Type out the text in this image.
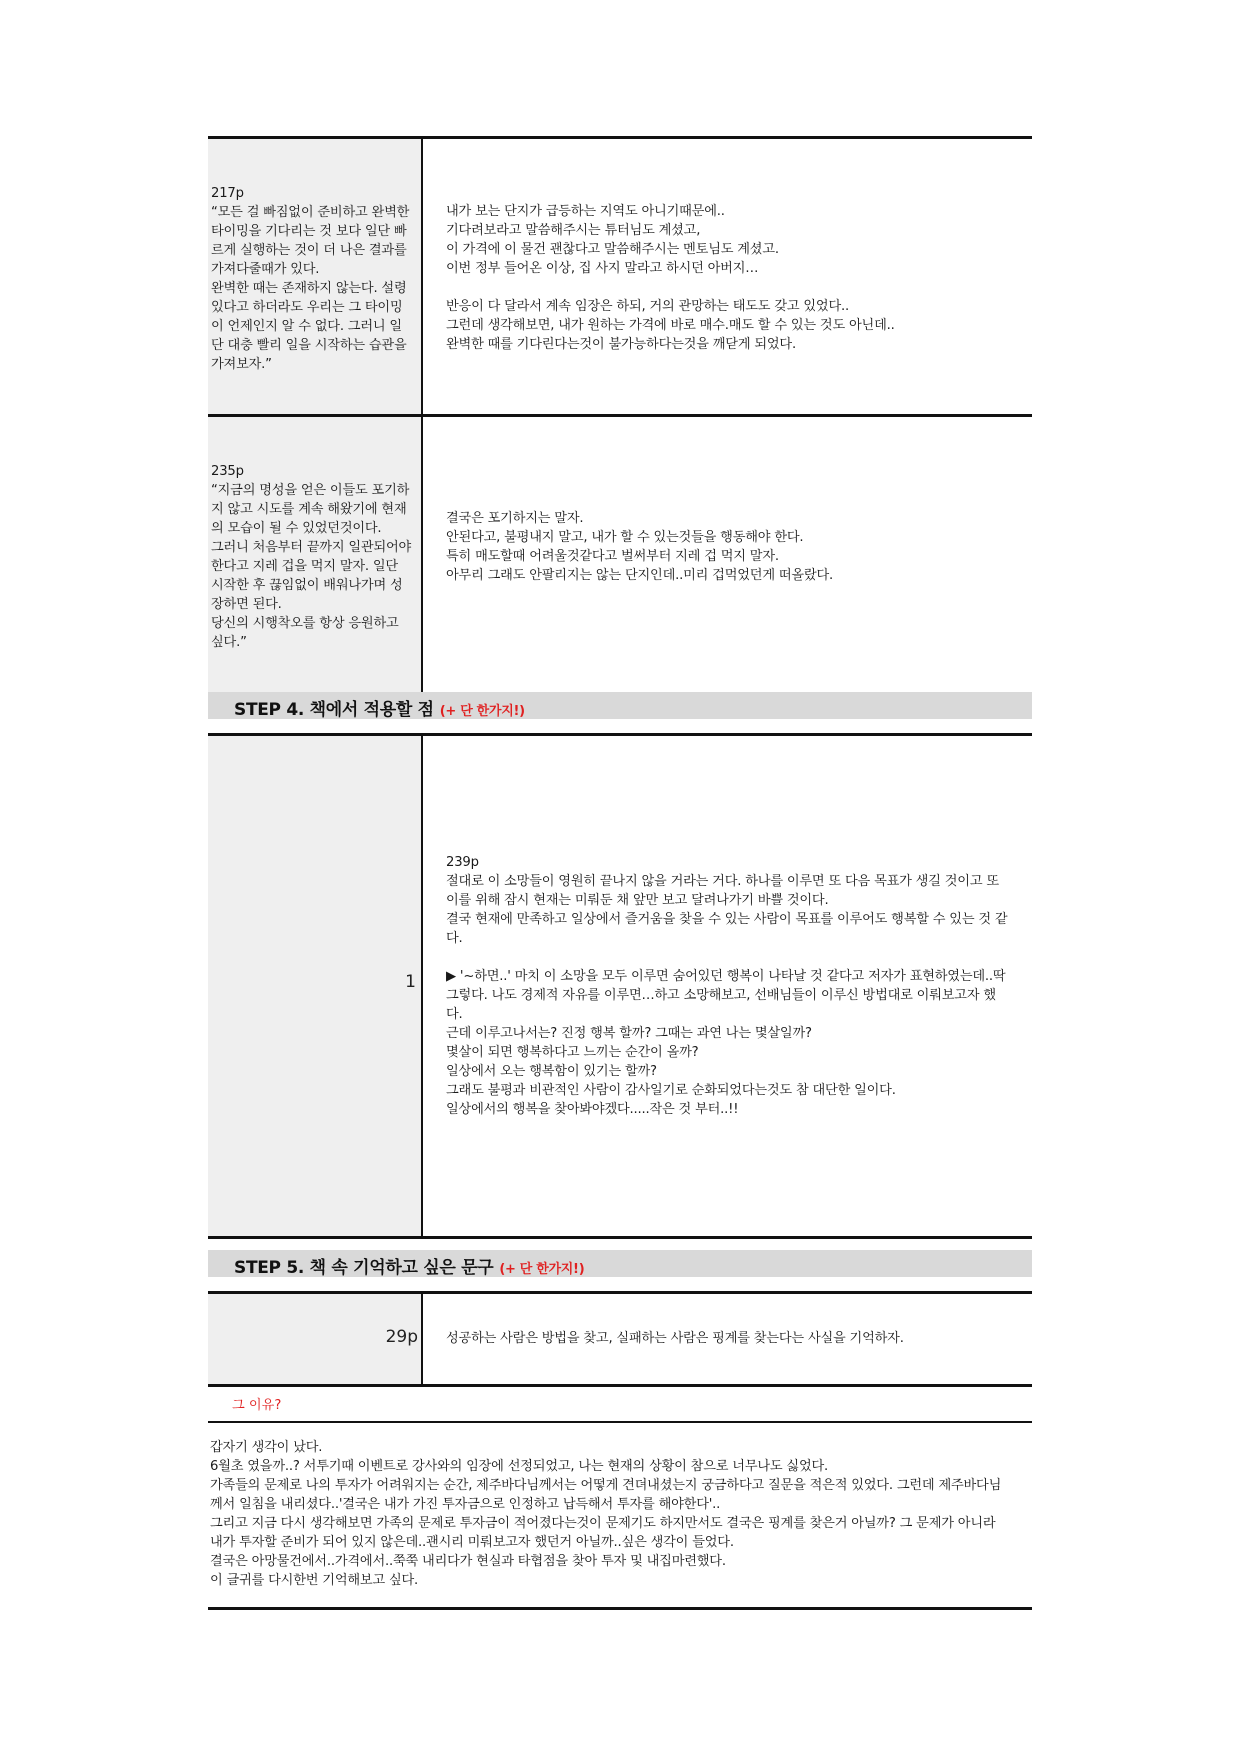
217p
“모든 걸 빠짐없이 준비하고 완벽한
타이밍을 기다리는 것 보다 일단 빠
르게 실행하는 것이 더 나은 결과를
가져다줄때가 있다.
완벽한 때는 존재하지 않는다. 설령
있다고 하더라도 우리는 그 타이밍
이 언제인지 알 수 없다. 그러니 일
단 대충 빨리 일을 시작하는 습관을
가져보자.”
내가 보는 단지가 급등하는 지역도 아니기때문에..
기다려보라고 말씀해주시는 튜터님도 계셨고,
이 가격에 이 물건 괜찮다고 말씀해주시는 멘토님도 계셨고.
이번 정부 들어온 이상, 집 사지 말라고 하시던 아버지…

반응이 다 달라서 계속 임장은 하되, 거의 관망하는 태도도 갖고 있었다..
그런데 생각해보면, 내가 원하는 가격에 바로 매수.매도 할 수 있는 것도 아닌데..
완벽한 때를 기다린다는것이 불가능하다는것을 깨닫게 되었다.
235p
“지금의 명성을 얻은 이들도 포기하
지 않고 시도를 계속 해왔기에 현재
의 모습이 될 수 있었던것이다.
그러니 처음부터 끝까지 일관되어야
한다고 지레 겁을 먹지 말자. 일단
시작한 후 끊임없이 배워나가며 성
장하면 된다.
당신의 시행착오를 항상 응원하고
싶다.”
결국은 포기하지는 말자.
안된다고, 불평내지 말고, 내가 할 수 있는것들을 행동해야 한다.
특히 매도할때 어려울것같다고 벌써부터 지레 겁 먹지 말자.
아무리 그래도 안팔리지는 않는 단지인데..미리 겁먹었던게 떠올랐다.
STEP 4. 책에서 적용할 점 (+ 단 한가지!)
1
239p
절대로 이 소망들이 영원히 끝나지 않을 거라는 거다. 하나를 이루면 또 다음 목표가 생길 것이고 또
이를 위해 잠시 현재는 미뤄둔 채 앞만 보고 달려나가기 바쁠 것이다.
결국 현재에 만족하고 일상에서 즐거움을 찾을 수 있는 사람이 목표를 이루어도 행복할 수 있는 것 같
다.

▶ '~하면..' 마치 이 소망을 모두 이루면 숨어있던 행복이 나타날 것 같다고 저자가 표현하였는데..딱
그렇다. 나도 경제적 자유를 이루면…하고 소망해보고, 선배님들이 이루신 방법대로 이뤄보고자 했
다.
근데 이루고나서는? 진정 행복 할까? 그때는 과연 나는 몇살일까?
몇살이 되면 행복하다고 느끼는 순간이 올까?
일상에서 오는 행복함이 있기는 할까?
그래도 불평과 비관적인 사람이 감사일기로 순화되었다는것도 참 대단한 일이다.
일상에서의 행복을 찾아봐야겠다.....작은 것 부터..!!
STEP 5. 책 속 기억하고 싶은 문구 (+ 단 한가지!)
29p 성공하는 사람은 방법을 찾고, 실패하는 사람은 핑계를 찾는다는 사실을 기억하자.
그 이유?
갑자기 생각이 났다.
6월초 였을까..? 서투기때 이벤트로 강사와의 임장에 선정되었고, 나는 현재의 상황이 참으로 너무나도 싫었다.
가족들의 문제로 나의 투자가 어려워지는 순간, 제주바다님께서는 어떻게 견뎌내셨는지 궁금하다고 질문을 적은적 있었다. 그런데 제주바다님
께서 일침을 내리셨다..'결국은 내가 가진 투자금으로 인정하고 납득해서 투자를 해야한다'..
그리고 지금 다시 생각해보면 가족의 문제로 투자금이 적어졌다는것이 문제기도 하지만서도 결국은 핑계를 찾은거 아닐까? 그 문제가 아니라
내가 투자할 준비가 되어 있지 않은데..괜시리 미뤄보고자 했던거 아닐까..싶은 생각이 들었다.
결국은 아망물건에서..가격에서..쭉쭉 내리다가 현실과 타협점을 찾아 투자 및 내집마련했다.
이 글귀를 다시한번 기억해보고 싶다.
